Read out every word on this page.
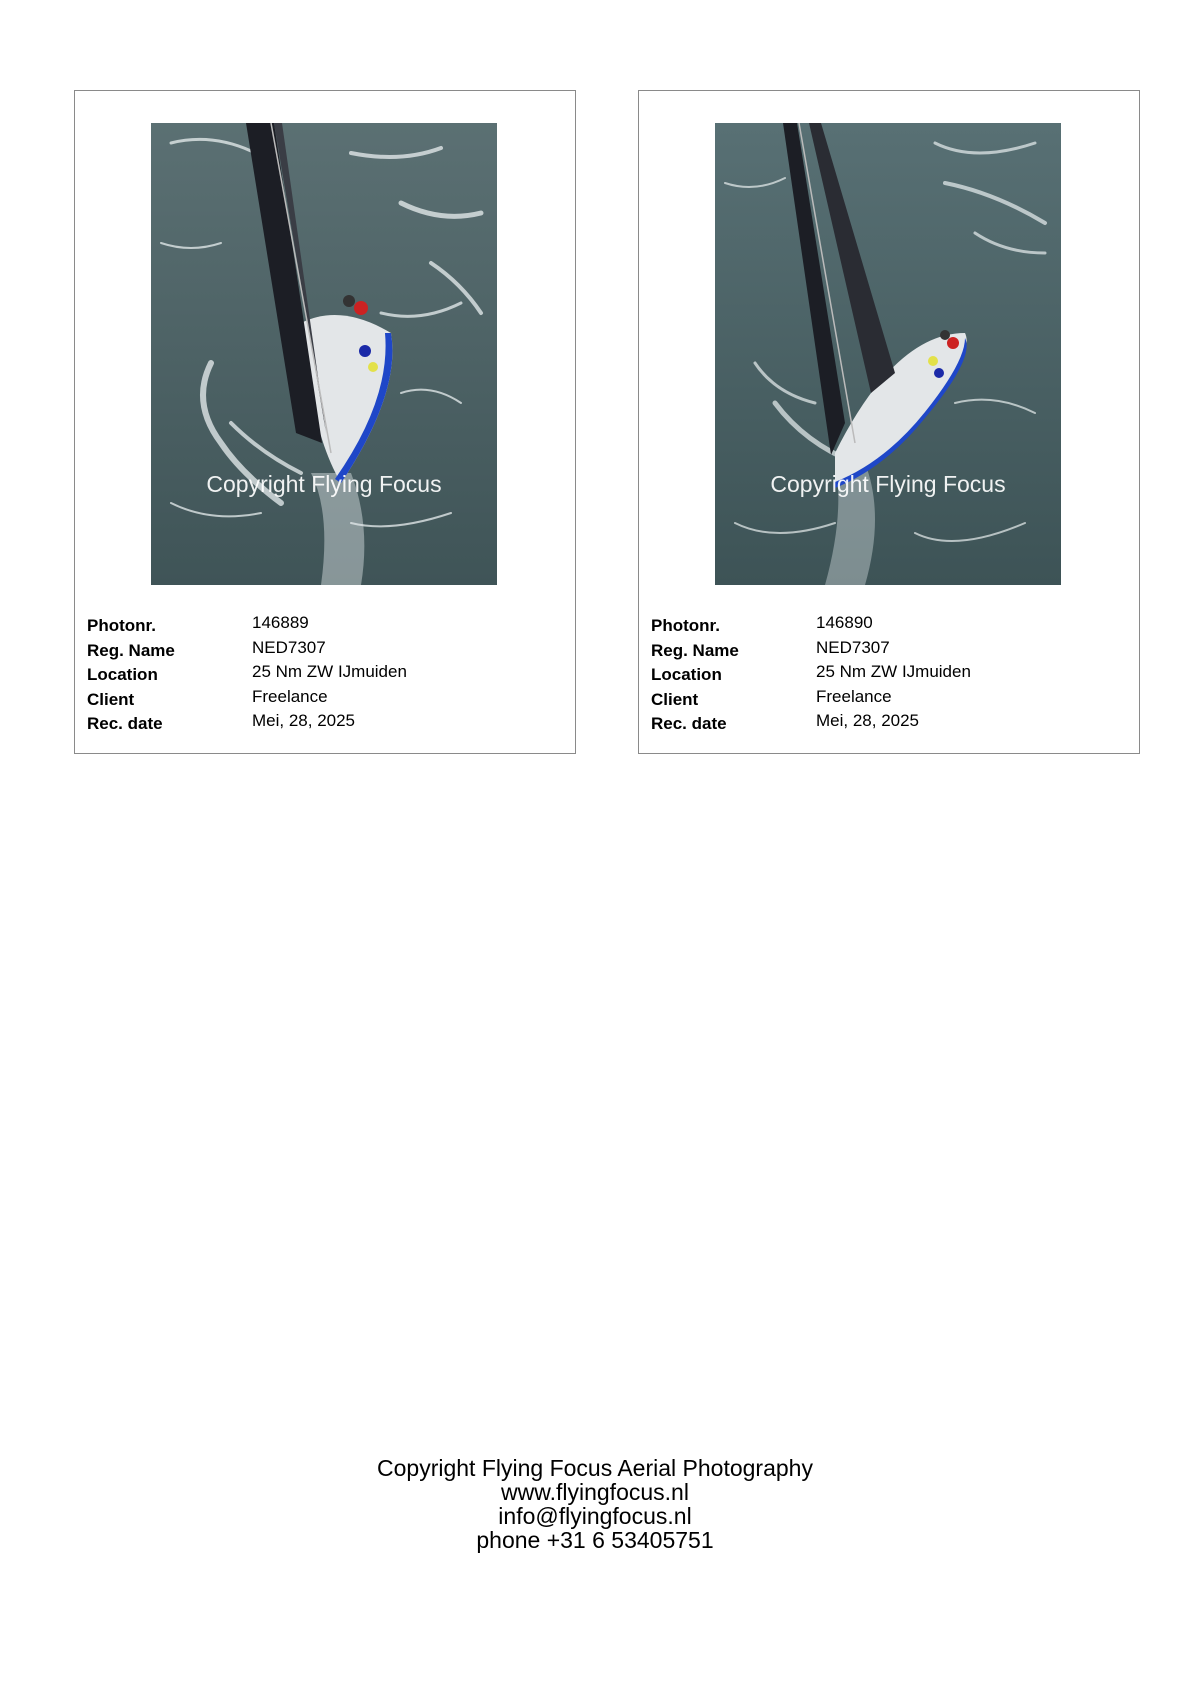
Copyright Flying Focus
Photonr.	146889
Reg. Name	NED7307
Location	25 Nm ZW IJmuiden
Client	Freelance
Rec. date	Mei, 28, 2025
Copyright Flying Focus
Photonr.	146890
Reg. Name	NED7307
Location	25 Nm ZW IJmuiden
Client	Freelance
Rec. date	Mei, 28, 2025
Copyright Flying Focus Aerial Photography
www.flyingfocus.nl
info@flyingfocus.nl
phone +31 6 53405751
